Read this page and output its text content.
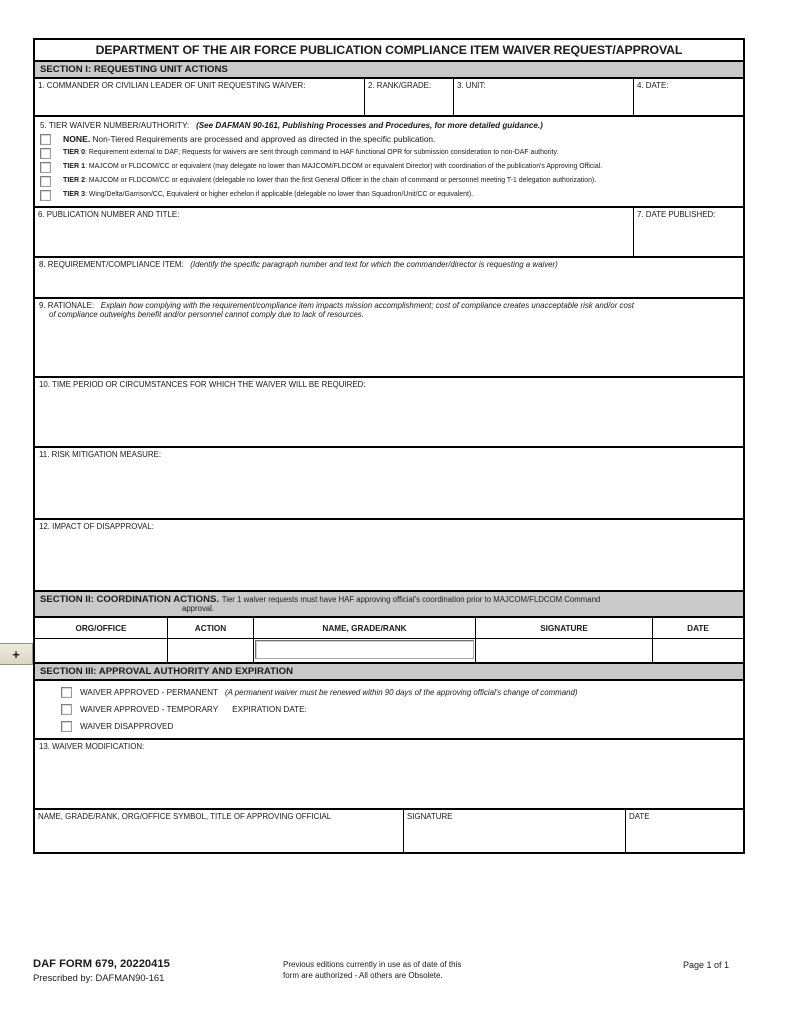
+
DEPARTMENT OF THE AIR FORCE PUBLICATION COMPLIANCE ITEM WAIVER REQUEST/APPROVAL
SECTION I: REQUESTING UNIT ACTIONS
1. COMMANDER OR CIVILIAN LEADER OF UNIT REQUESTING WAIVER:	2. RANK/GRADE:	3. UNIT:	4. DATE:
5. TIER WAIVER NUMBER/AUTHORITY: (See DAFMAN 90-161, Publishing Processes and Procedures, for more detailed guidance.)
NONE. Non-Tiered Requirements are processed and approved as directed in the specific publication.
TIER 0: Requirement external to DAF; Requests for waivers are sent through command to HAF functional OPR for submission consideration to non-DAF authority.
TIER 1: MAJCOM or FLDCOM/CC or equivalent (may delegate no lower than MAJCOM/FLDCOM or equivalent Director) with coordination of the publication's Approving Official.
TIER 2: MAJCOM or FLDCOM/CC or equivalent (delegable no lower than the first General Officer in the chain of command or personnel meeting T-1 delegation authorization).
TIER 3: Wing/Delta/Garrison/CC, Equivalent or higher echelon if applicable (delegable no lower than Squadron/Unit/CC or equivalent).
6. PUBLICATION NUMBER AND TITLE:	7. DATE PUBLISHED:
8. REQUIREMENT/COMPLIANCE ITEM: (Identify the specific paragraph number and text for which the commander/director is requesting a waiver)
9. RATIONALE: Explain how complying with the requirement/compliance item impacts mission accomplishment; cost of compliance creates unacceptable risk and/or cost
of compliance outweighs benefit and/or personnel cannot comply due to lack of resources.
10. TIME PERIOD OR CIRCUMSTANCES FOR WHICH THE WAIVER WILL BE REQUIRED:
11. RISK MITIGATION MEASURE:
12. IMPACT OF DISAPPROVAL:
SECTION II: COORDINATION ACTIONS. Tier 1 waiver requests must have HAF approving official's coordination prior to MAJCOM/FLDCOM Command
approval.
ORG/OFFICE	ACTION	NAME, GRADE/RANK	SIGNATURE	DATE
SECTION III: APPROVAL AUTHORITY AND EXPIRATION
WAIVER APPROVED - PERMANENT (A permanent waiver must be renewed within 90 days of the approving official's change of command)
WAIVER APPROVED - TEMPORARY EXPIRATION DATE:
WAIVER DISAPPROVED
13. WAIVER MODIFICATION:
NAME, GRADE/RANK, ORG/OFFICE SYMBOL, TITLE OF APPROVING OFFICIAL	SIGNATURE	DATE
DAF FORM 679, 20220415
Prescribed by: DAFMAN90-161
Previous editions currently in use as of date of this
form are authorized - All others are Obsolete.
Page 1 of 1
